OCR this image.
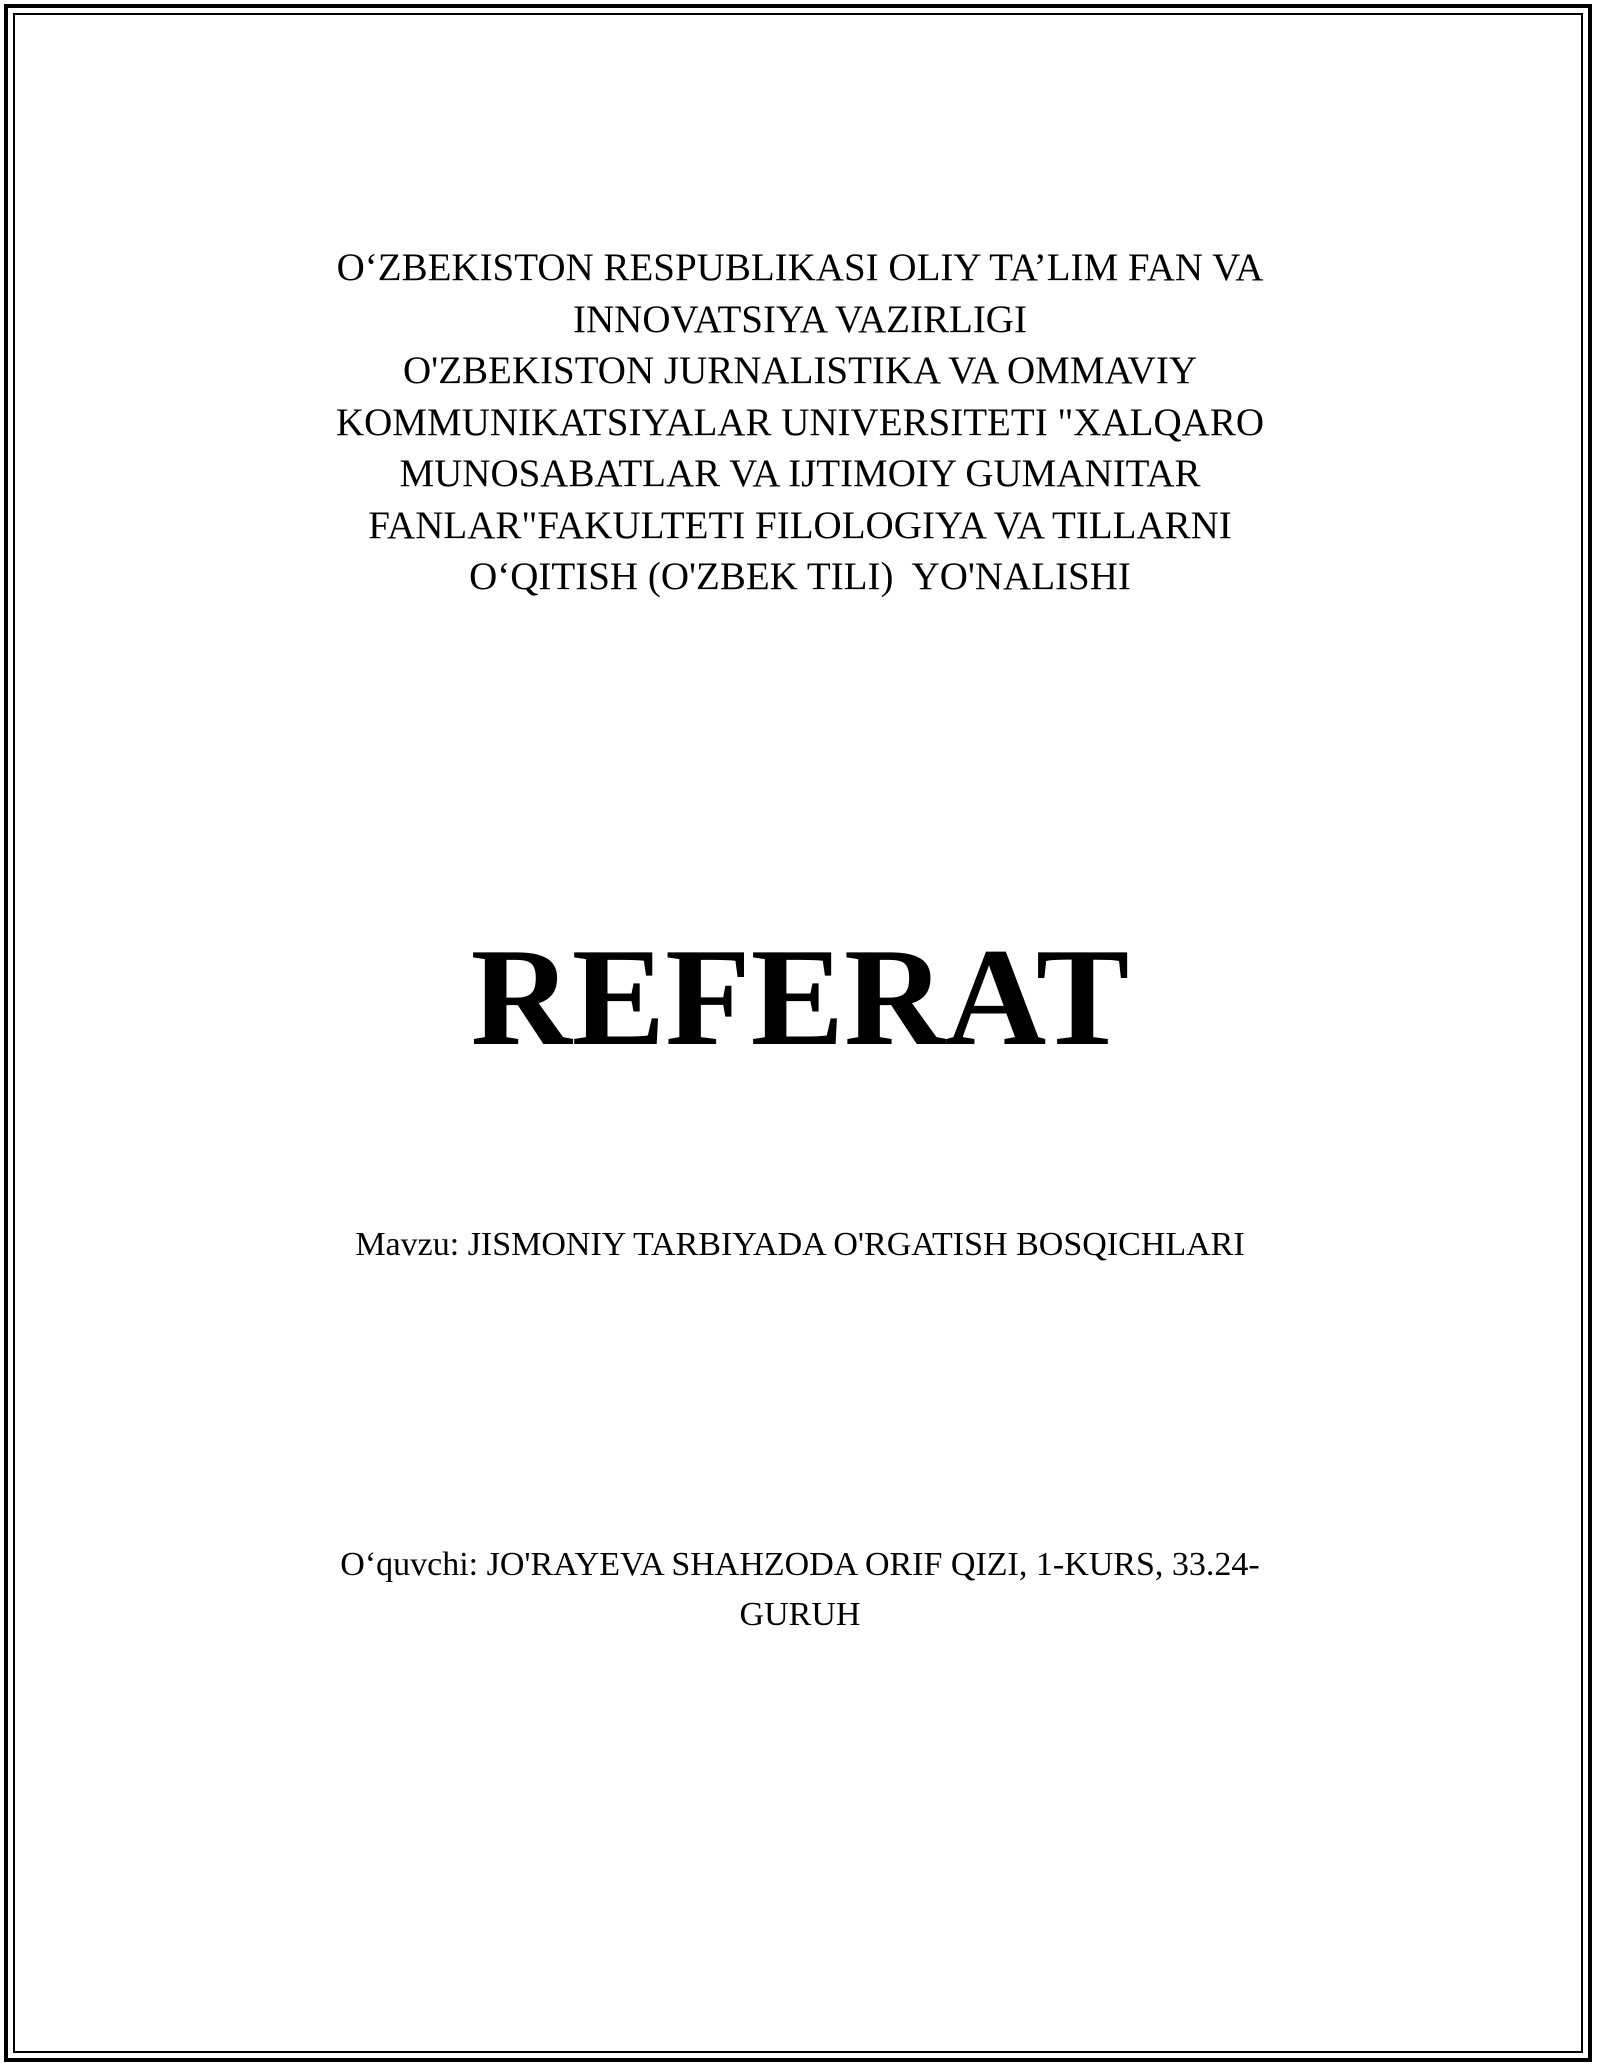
O‘ZBEKISTON RESPUBLIKASI OLIY TA’LIM FAN VA
INNOVATSIYA VAZIRLIGI
O'ZBEKISTON JURNALISTIKA VA OMMAVIY
KOMMUNIKATSIYALAR UNIVERSITETI "XALQARO
MUNOSABATLAR VA IJTIMOIY GUMANITAR
FANLAR"FAKULTETI FILOLOGIYA VA TILLARNI
O‘QITISH (O'ZBEK TILI)  YO'NALISHI
REFERAT
Mavzu: JISMONIY TARBIYADA O'RGATISH BOSQICHLARI
O‘quvchi: JO'RAYEVA SHAHZODA ORIF QIZI, 1-KURS, 33.24-
GURUH
